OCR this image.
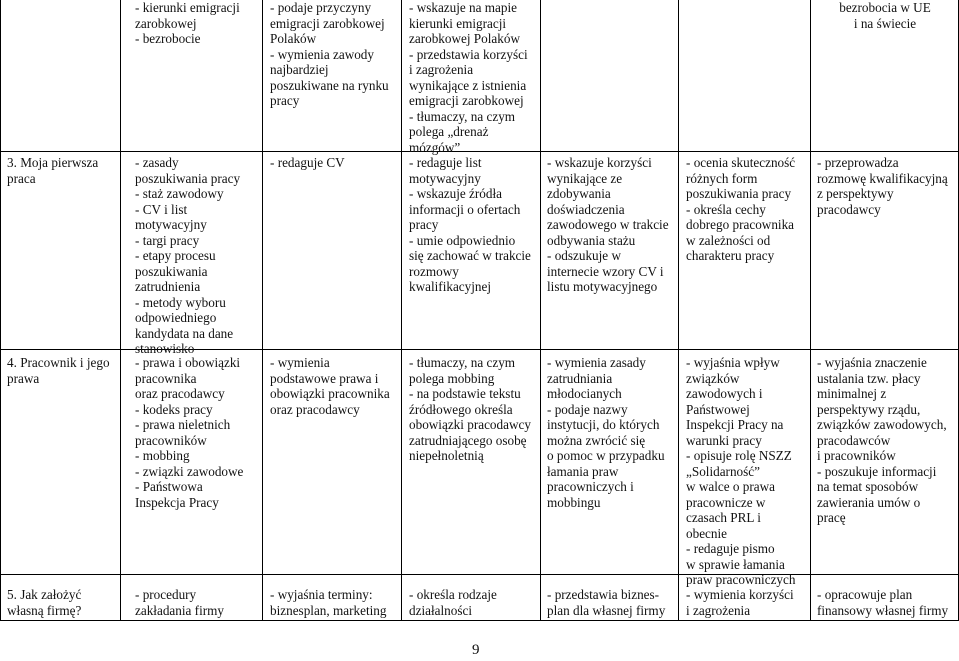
- kierunki emigracji
zarobkowej
- bezrobocie
- podaje przyczyny
emigracji zarobkowej
Polaków
- wymienia zawody
najbardziej
poszukiwane na rynku
pracy
- wskazuje na mapie
kierunki emigracji
zarobkowej Polaków
- przedstawia korzyści
i zagrożenia
wynikające z istnienia
emigracji zarobkowej
- tłumaczy, na czym
polega „drenaż
mózgów”
bezrobocia w UE
i na świecie
3. Moja pierwsza
praca
- zasady
poszukiwania pracy
- staż zawodowy
- CV i list
motywacyjny
- targi pracy
- etapy procesu
poszukiwania
zatrudnienia
- metody wyboru
odpowiedniego
kandydata na dane
stanowisko
- redaguje CV	- redaguje list
motywacyjny
- wskazuje źródła
informacji o ofertach
pracy
- umie odpowiednio
się zachować w trakcie
rozmowy
kwalifikacyjnej
- wskazuje korzyści
wynikające ze
zdobywania
doświadczenia
zawodowego w trakcie
odbywania stażu
- odszukuje w
internecie wzory CV i
listu motywacyjnego
- ocenia skuteczność
różnych form
poszukiwania pracy
- określa cechy
dobrego pracownika
w zależności od
charakteru pracy
- przeprowadza
rozmowę kwalifikacyjną
z perspektywy
pracodawcy
4. Pracownik i jego
prawa
- prawa i obowiązki
pracownika
oraz pracodawcy
- kodeks pracy
- prawa nieletnich
pracowników
- mobbing
- związki zawodowe
- Państwowa
Inspekcja Pracy
- wymienia
podstawowe prawa i
obowiązki pracownika
oraz pracodawcy
- tłumaczy, na czym
polega mobbing
- na podstawie tekstu
źródłowego określa
obowiązki pracodawcy
zatrudniającego osobę
niepełnoletnią
- wymienia zasady
zatrudniania
młodocianych
- podaje nazwy
instytucji, do których
można zwrócić się
o pomoc w przypadku
łamania praw
pracowniczych i
mobbingu
- wyjaśnia wpływ
związków
zawodowych i
Państwowej
Inspekcji Pracy na
warunki pracy
- opisuje rolę NSZZ
„Solidarność”
w walce o prawa
pracownicze w
czasach PRL i
obecnie
- redaguje pismo
w sprawie łamania
praw pracowniczych
- wyjaśnia znaczenie
ustalania tzw. płacy
minimalnej z
perspektywy rządu,
związków zawodowych,
pracodawców
i pracowników
- poszukuje informacji
na temat sposobów
zawierania umów o
pracę
5. Jak założyć
własną firmę?
- procedury
zakładania firmy
- wyjaśnia terminy:
biznesplan, marketing
- określa rodzaje
działalności
- przedstawia biznes-
plan dla własnej firmy
- wymienia korzyści
i zagrożenia
- opracowuje plan
finansowy własnej firmy
9
